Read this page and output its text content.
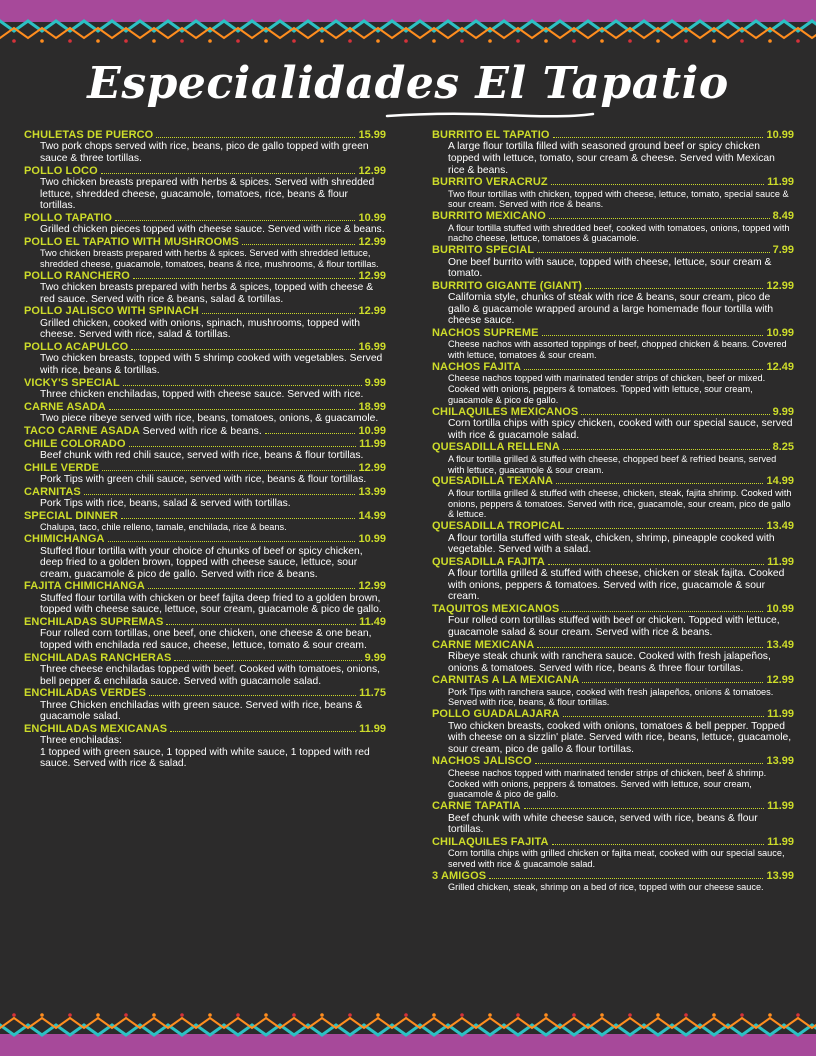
Especialidades El Tapatio
CHULETAS DE PUERCO	15.99
Two pork chops served with rice, beans, pico de gallo topped with green sauce & three tortillas.
POLLO LOCO	12.99
Two chicken breasts prepared with herbs & spices. Served with shredded lettuce, shredded cheese, guacamole, tomatoes, rice, beans & flour tortillas.
POLLO TAPATIO	10.99
Grilled chicken pieces topped with cheese sauce. Served with rice & beans.
POLLO EL TAPATIO WITH MUSHROOMS	12.99
Two chicken breasts prepared with herbs & spices. Served with shredded lettuce, shredded cheese, guacamole, tomatoes, beans & rice, mushrooms, & flour tortillas.
POLLO RANCHERO	12.99
Two chicken breasts prepared with herbs & spices, topped with cheese & red sauce. Served with rice & beans, salad & tortillas.
POLLO JALISCO WITH SPINACH	12.99
Grilled chicken, cooked with onions, spinach, mushrooms, topped with cheese. Served with rice, salad & tortillas.
POLLO ACAPULCO	16.99
Two chicken breasts, topped with 5 shrimp cooked with vegetables. Served with rice, beans & tortillas.
VICKY'S SPECIAL	9.99
Three chicken enchiladas, topped with cheese sauce. Served with rice.
CARNE ASADA	18.99
Two piece ribeye served with rice, beans, tomatoes, onions, & guacamole.
TACO CARNE ASADA Served with rice & beans.	10.99
CHILE COLORADO	11.99
Beef chunk with red chili sauce, served with rice, beans & flour tortillas.
CHILE VERDE	12.99
Pork Tips with green chili sauce, served with rice, beans & flour tortillas.
CARNITAS	13.99
Pork Tips with rice, beans, salad & served with tortillas.
SPECIAL DINNER	14.99
Chalupa, taco, chile relleno, tamale, enchilada, rice & beans.
CHIMICHANGA	10.99
Stuffed flour tortilla with your choice of chunks of beef or spicy chicken, deep fried to a golden brown, topped with cheese sauce, lettuce, sour cream, guacamole & pico de gallo. Served with rice & beans.
FAJITA CHIMICHANGA	12.99
Stuffed flour tortilla with chicken or beef fajita deep fried to a golden brown, topped with cheese sauce, lettuce, sour cream, guacamole & pico de gallo.
ENCHILADAS SUPREMAS	11.49
Four rolled corn tortillas, one beef, one chicken, one cheese & one bean, topped with enchilada red sauce, cheese, lettuce, tomato & sour cream.
ENCHILADAS RANCHERAS	9.99
Three cheese enchiladas topped with beef. Cooked with tomatoes, onions, bell pepper & enchilada sauce. Served with guacamole salad.
ENCHILADAS VERDES	11.75
Three Chicken enchiladas with green sauce. Served with rice, beans & guacamole salad.
ENCHILADAS MEXICANAS	11.99
Three enchiladas:
1 topped with green sauce, 1 topped with white sauce, 1 topped with red sauce. Served with rice & salad.
BURRITO EL TAPATIO	10.99
A large flour tortilla filled with seasoned ground beef or spicy chicken topped with lettuce, tomato, sour cream & cheese. Served with Mexican rice & beans.
BURRITO VERACRUZ	11.99
Two flour tortillas with chicken, topped with cheese, lettuce, tomato, special sauce & sour cream. Served with rice & beans.
BURRITO MEXICANO	8.49
A flour tortilla stuffed with shredded beef, cooked with tomatoes, onions, topped with nacho cheese, lettuce, tomatoes & guacamole.
BURRITO SPECIAL	7.99
One beef burrito with sauce, topped with cheese, lettuce, sour cream & tomato.
BURRITO GIGANTE (GIANT)	12.99
California style, chunks of steak with rice & beans, sour cream, pico de gallo & guacamole wrapped around a large homemade flour tortilla with cheese sauce.
NACHOS SUPREME	10.99
Cheese nachos with assorted toppings of beef, chopped chicken & beans. Covered with lettuce, tomatoes & sour cream.
NACHOS FAJITA	12.49
Cheese nachos topped with marinated tender strips of chicken, beef or mixed. Cooked with onions, peppers & tomatoes. Topped with lettuce, sour cream, guacamole & pico de gallo.
CHILAQUILES MEXICANOS	9.99
Corn tortilla chips with spicy chicken, cooked with our special sauce, served with rice & guacamole salad.
QUESADILLA RELLENA	8.25
A flour tortilla grilled & stuffed with cheese, chopped beef & refried beans, served with lettuce, guacamole & sour cream.
QUESADILLA TEXANA	14.99
A flour tortilla grilled & stuffed with cheese, chicken, steak, fajita shrimp. Cooked with onions, peppers & tomatoes. Served with rice, guacamole, sour cream, pico de gallo & lettuce.
QUESADILLA TROPICAL	13.49
A flour tortilla stuffed with steak, chicken, shrimp, pineapple cooked with vegetable. Served with a salad.
QUESADILLA FAJITA	11.99
A flour tortilla grilled & stuffed with cheese, chicken or steak fajita. Cooked with onions, peppers & tomatoes. Served with rice, guacamole & sour cream.
TAQUITOS MEXICANOS	10.99
Four rolled corn tortillas stuffed with beef or chicken. Topped with lettuce, guacamole salad & sour cream. Served with rice & beans.
CARNE MEXICANA	13.49
Ribeye steak chunk with ranchera sauce. Cooked with fresh jalapeños, onions & tomatoes. Served with rice, beans & three flour tortillas.
CARNITAS A LA MEXICANA	12.99
Pork Tips with ranchera sauce, cooked with fresh jalapeños, onions & tomatoes. Served with rice, beans, & flour tortillas.
POLLO GUADALAJARA	11.99
Two chicken breasts, cooked with onions, tomatoes & bell pepper. Topped with cheese on a sizzlin' plate. Served with rice, beans, lettuce, guacamole, sour cream, pico de gallo & flour tortillas.
NACHOS JALISCO	13.99
Cheese nachos topped with marinated tender strips of chicken, beef & shrimp. Cooked with onions, peppers & tomatoes. Served with lettuce, sour cream, guacamole & pico de gallo.
CARNE TAPATIA	11.99
Beef chunk with white cheese sauce, served with rice, beans & flour tortillas.
CHILAQUILES FAJITA	11.99
Corn tortilla chips with grilled chicken or fajita meat, cooked with our special sauce, served with rice & guacamole salad.
3 AMIGOS	13.99
Grilled chicken, steak, shrimp on a bed of rice, topped with our cheese sauce.
